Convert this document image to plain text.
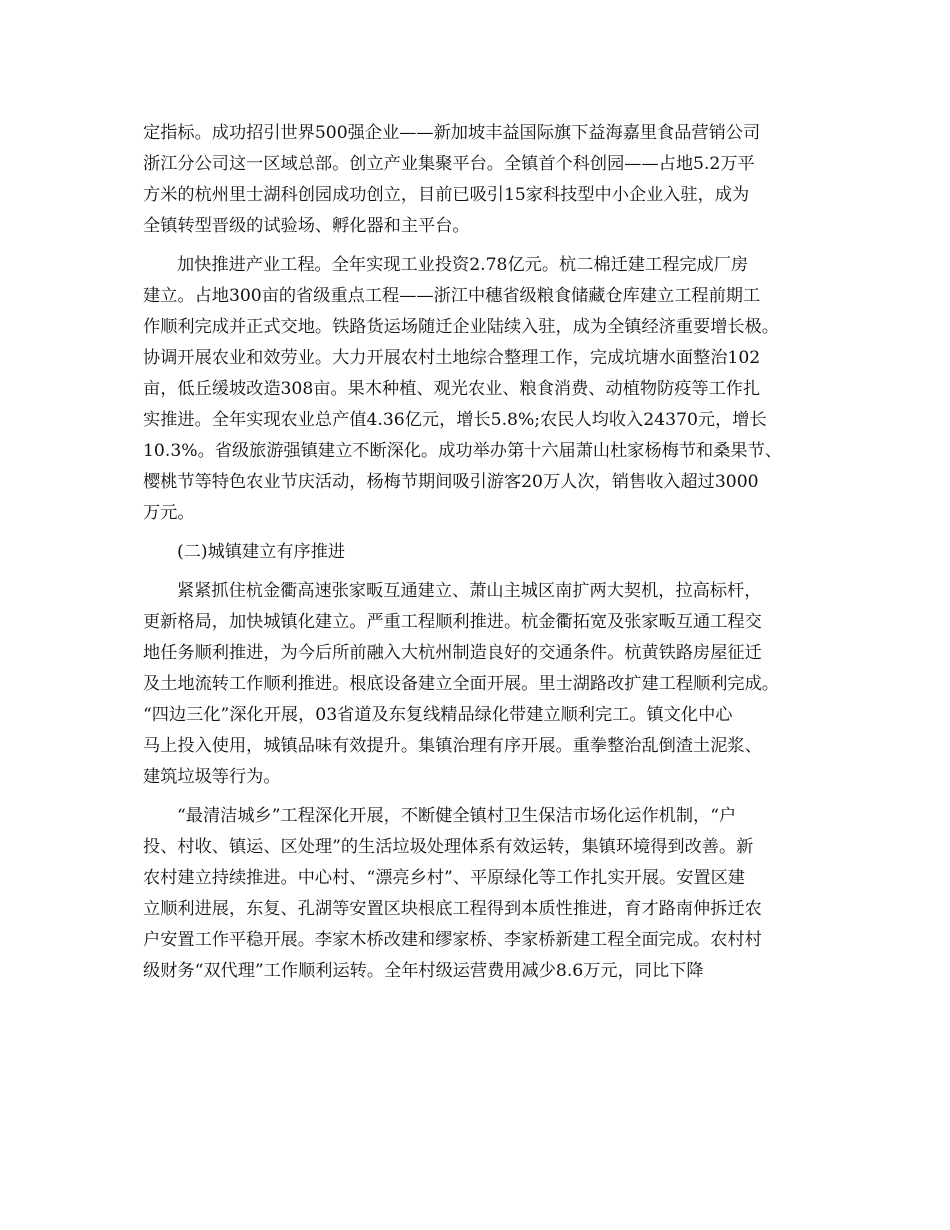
定指标。成功招引世界500强企业——新加坡丰益国际旗下益海嘉里食品营销公司
浙江分公司这一区域总部。创立产业集聚平台。全镇首个科创园——占地5.2万平
方米的杭州里士湖科创园成功创立，目前已吸引15家科技型中小企业入驻，成为
全镇转型晋级的试验场、孵化器和主平台。
加快推进产业工程。全年实现工业投资2.78亿元。杭二棉迁建工程完成厂房
建立。占地300亩的省级重点工程——浙江中穗省级粮食储藏仓库建立工程前期工
作顺利完成并正式交地。铁路货运场随迁企业陆续入驻，成为全镇经济重要增长极。
协调开展农业和效劳业。大力开展农村土地综合整理工作，完成坑塘水面整治102
亩，低丘缓坡改造308亩。果木种植、观光农业、粮食消费、动植物防疫等工作扎
实推进。全年实现农业总产值4.36亿元，增长5.8%;农民人均收入24370元，增长
10.3%。省级旅游强镇建立不断深化。成功举办第十六届萧山杜家杨梅节和桑果节、
樱桃节等特色农业节庆活动，杨梅节期间吸引游客20万人次，销售收入超过3000
万元。
(二)城镇建立有序推进
紧紧抓住杭金衢高速张家畈互通建立、萧山主城区南扩两大契机，拉高标杆，
更新格局，加快城镇化建立。严重工程顺利推进。杭金衢拓宽及张家畈互通工程交
地任务顺利推进，为今后所前融入大杭州制造良好的交通条件。杭黄铁路房屋征迁
及土地流转工作顺利推进。根底设备建立全面开展。里士湖路改扩建工程顺利完成。
“四边三化”深化开展，03省道及东复线精品绿化带建立顺利完工。镇文化中心
马上投入使用，城镇品味有效提升。集镇治理有序开展。重拳整治乱倒渣土泥浆、
建筑垃圾等行为。
“最清洁城乡”工程深化开展，不断健全镇村卫生保洁市场化运作机制，“户
投、村收、镇运、区处理”的生活垃圾处理体系有效运转，集镇环境得到改善。新
农村建立持续推进。中心村、“漂亮乡村”、平原绿化等工作扎实开展。安置区建
立顺利进展，东复、孔湖等安置区块根底工程得到本质性推进，育才路南伸拆迁农
户安置工作平稳开展。李家木桥改建和缪家桥、李家桥新建工程全面完成。农村村
级财务“双代理”工作顺利运转。全年村级运营费用减少8.6万元，同比下降
